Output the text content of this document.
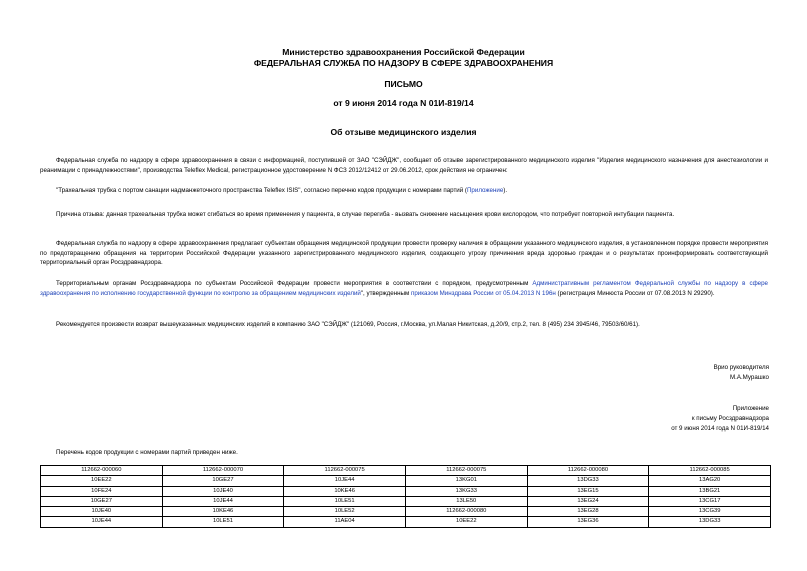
Министерство здравоохранения Российской Федерации
ФЕДЕРАЛЬНАЯ СЛУЖБА ПО НАДЗОРУ В СФЕРЕ ЗДРАВООХРАНЕНИЯ
ПИСЬМО
от 9 июня 2014 года N 01И-819/14
Об отзыве медицинского изделия
Федеральная служба по надзору в сфере здравоохранения в связи с информацией, поступившей от ЗАО "СЭЙДЖ", сообщает об отзыве зарегистрированного медицинского изделия "Изделия медицинского назначения для анестезиологии и реанимации с принадлежностями", производства Teleflex Medical, регистрационное удостоверение N ФСЗ 2012/12412 от 29.06.2012, срок действия не ограничен:
"Трахеальная трубка с портом санации надманжеточного пространства Teleflex ISIS", согласно перечню кодов продукции с номерами партий (Приложение).
Причина отзыва: данная трахеальная трубка может сгибаться во время применения у пациента, в случае перегиба - вызвать снижение насыщения крови кислородом, что потребует повторной интубации пациента.
Федеральная служба по надзору в сфере здравоохранения предлагает субъектам обращения медицинской продукции провести проверку наличия в обращении указанного медицинского изделия, в установленном порядке провести мероприятия по предотвращению обращения на территории Российской Федерации указанного зарегистрированного медицинского изделия, создающего угрозу причинения вреда здоровью граждан и о результатах проинформировать соответствующий территориальный орган Росздравнадзора.
Территориальным органам Росздравнадзора по субъектам Российской Федерации провести мероприятия в соответствии с порядком, предусмотренным Административным регламентом Федеральной службы по надзору в сфере здравоохранения по исполнению государственной функции по контролю за обращением медицинских изделий", утвержденным приказом Минздрава России от 05.04.2013 N 196н (регистрация Минюста России от 07.08.2013 N 29290).
Рекомендуется произвести возврат вышеуказанных медицинских изделий в компанию ЗАО "СЭЙДЖ" (121069, Россия, г.Москва, ул.Малая Никитская, д.20/9, стр.2, тел. 8 (495) 234 3945/46, 79503/60/61).
Врио руководителя
М.А.Мурашко
Приложение
к письму Росздравнадзора
от 9 июня 2014 года N 01И-819/14
Перечень кодов продукции с номерами партий приведен ниже.
112662-000060	112662-000070	112662-000075	112662-000075	112662-000080	112662-000085
10EE22	10GE27	10JE44	13KG01	13DG33	13AG20
10FE24	10JE40	10KE46	13KG33	13EG15	13BG21
10GE27	10JE44	10LE51	13LE50	13EG24	13CG17
10JE40	10KE46	10LE52	112662-000080	13EG28	13CG39
10JE44	10LE51	11AE04	10EE22	13EG36	13DG33
